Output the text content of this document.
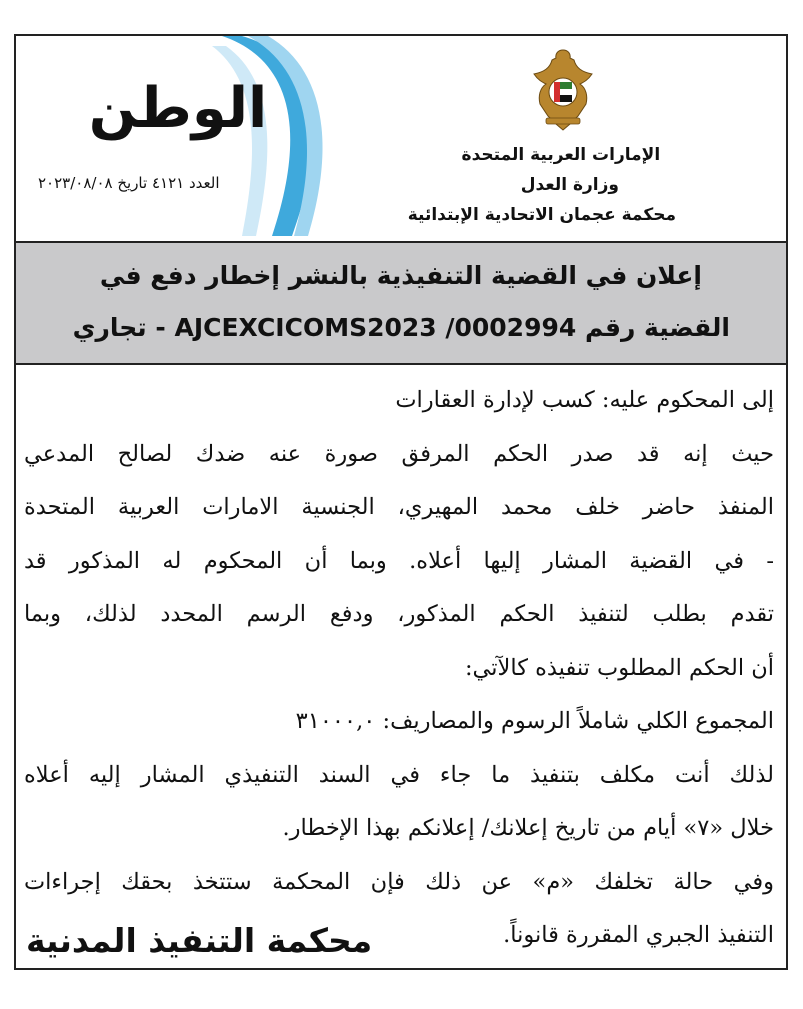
الإمارات العربية المتحدة
وزارة العدل
محكمة عجمان الاتحادية الإبتدائية
الوطن
العدد ٤١٢١ تاريخ ٢٠٢٣/٠٨/٠٨
إعلان في القضية التنفيذية بالنشر إخطار دفع في
القضية رقم AJCEXCICOMS2023 /0002994 - تجاري
إلى المحكوم عليه: كسب لإدارة العقارات
حيث إنه قد صدر الحكم المرفق صورة عنه ضدك لصالح المدعي
المنفذ حاضر خلف محمد المهيري، الجنسية الامارات العربية المتحدة
- في القضية المشار إليها أعلاه. وبما أن المحكوم له المذكور قد
تقدم بطلب لتنفيذ الحكم المذكور، ودفع الرسم المحدد لذلك، وبما
أن الحكم المطلوب تنفيذه كالآتي:
المجموع الكلي شاملاً الرسوم والمصاريف: ٣١٠٠٠,٠
لذلك أنت مكلف بتنفيذ ما جاء في السند التنفيذي المشار إليه أعلاه
خلال «٧» أيام من تاريخ إعلانك/ إعلانكم بهذا الإخطار.
وفي حالة تخلفك «م» عن ذلك فإن المحكمة ستتخذ بحقك إجراءات
التنفيذ الجبري المقررة قانوناً.
محكمة التنفيذ المدنية
